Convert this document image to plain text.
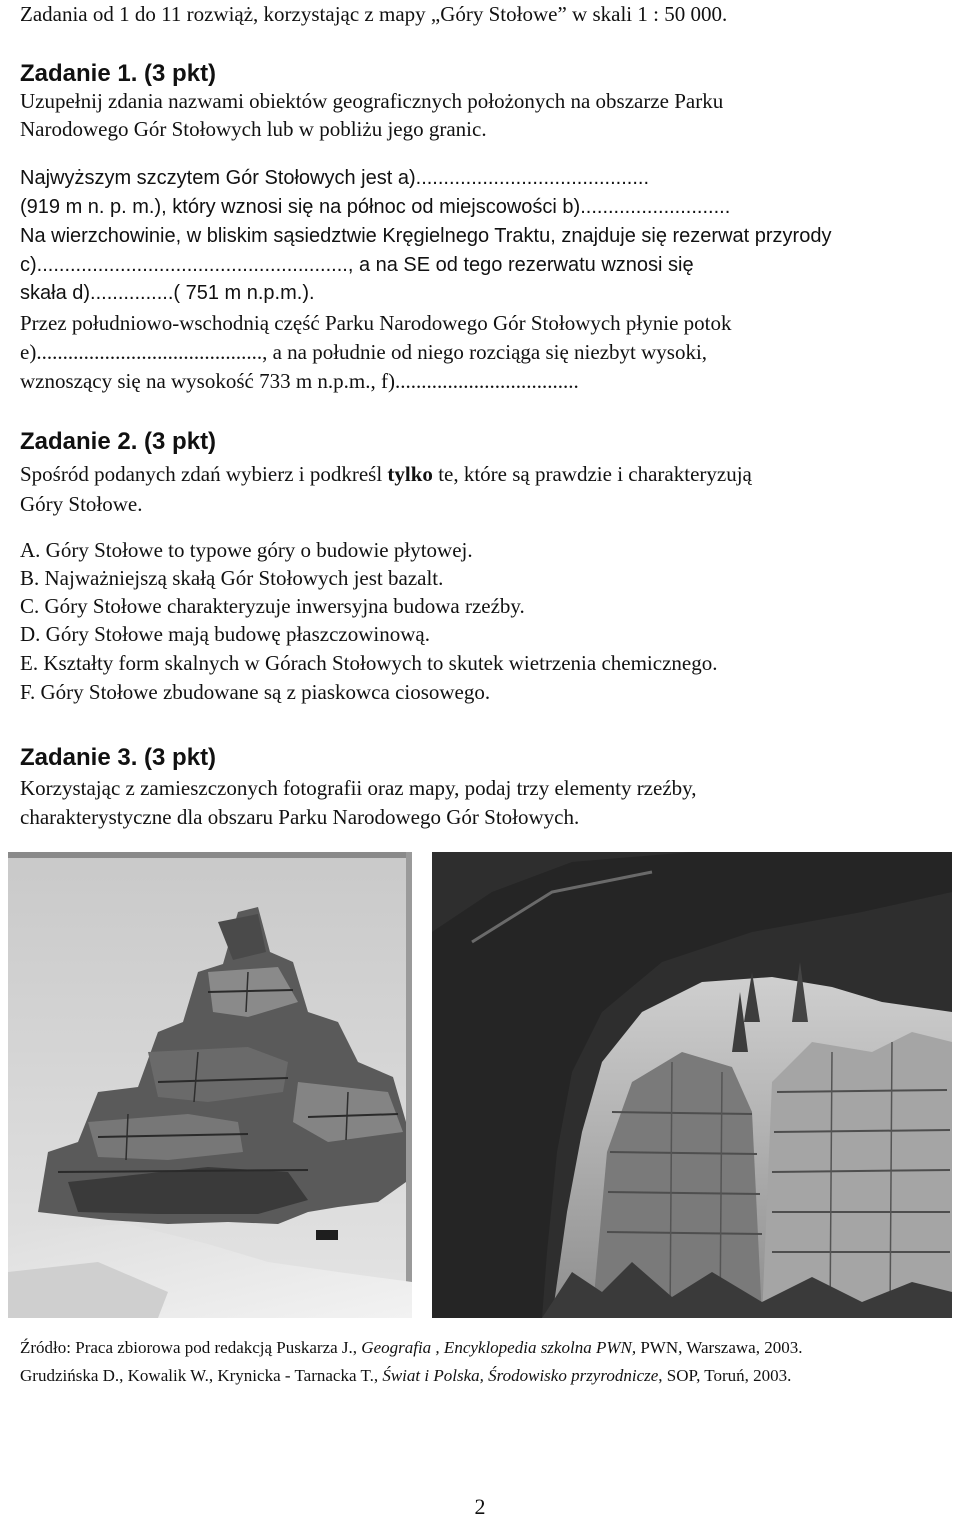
Zadania od 1 do 11 rozwiąż, korzystając z mapy „Góry Stołowe” w skali 1 : 50 000.
Zadanie 1. (3 pkt)
Uzupełnij zdania nazwami obiektów geograficznych położonych na obszarze Parku
Narodowego Gór Stołowych lub w pobliżu jego granic.
Najwyższym szczytem Gór Stołowych jest a)..........................................
(919 m n. p. m.), który wznosi się na północ od miejscowości b)...........................
Na wierzchowinie, w bliskim sąsiedztwie Kręgielnego Traktu, znajduje się rezerwat przyrody
c)........................................................, a na SE od tego rezerwatu wznosi się
skała d)...............( 751 m n.p.m.).
Przez południowo-wschodnią część Parku Narodowego Gór Stołowych płynie potok
e)..........................................., a na południe od niego rozciąga się niezbyt wysoki,
wznoszący się na wysokość 733 m n.p.m., f)...................................
Zadanie 2. (3 pkt)
Spośród podanych zdań wybierz i podkreśl tylko te, które są prawdzie i charakteryzują
Góry Stołowe.
A. Góry Stołowe to typowe góry o budowie płytowej.
B. Najważniejszą skałą Gór Stołowych jest bazalt.
C. Góry Stołowe charakteryzuje inwersyjna budowa rzeźby.
D. Góry Stołowe mają budowę płaszczowinową.
E. Kształty form skalnych w Górach Stołowych to skutek wietrzenia chemicznego.
F. Góry Stołowe zbudowane są z piaskowca ciosowego.
Zadanie 3. (3 pkt)
Korzystając z zamieszczonych fotografii oraz mapy, podaj trzy elementy rzeźby,
charakterystyczne dla obszaru Parku Narodowego Gór Stołowych.

Źródło: Praca zbiorowa pod redakcją Puskarza J., Geografia , Encyklopedia szkolna PWN, PWN, Warszawa, 2003.

Grudzińska D., Kowalik W., Krynicka - Tarnacka T., Świat i Polska, Środowisko przyrodnicze, SOP, Toruń, 2003.

2
